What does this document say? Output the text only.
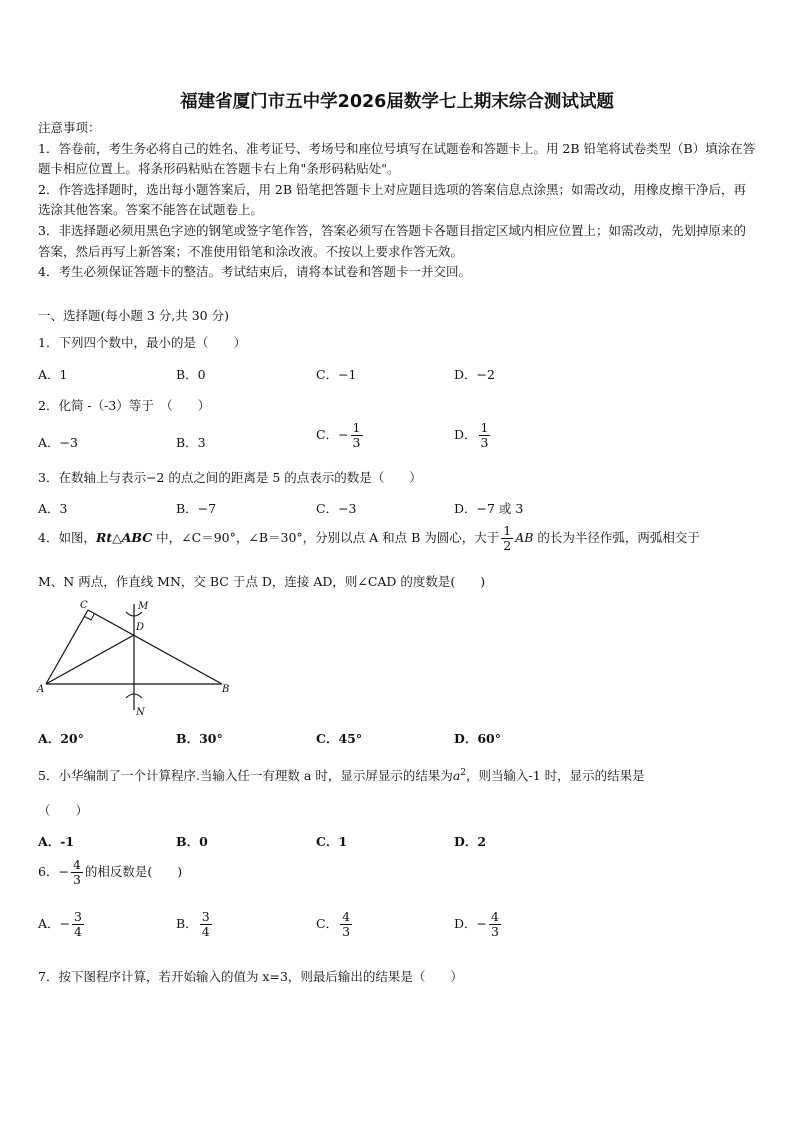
福建省厦门市五中学2026届数学七上期末综合测试试题

注意事项：

1．答卷前，考生务必将自己的姓名、准考证号、考场号和座位号填写在试题卷和答题卡上。用 2B 铅笔将试卷类型（B）填涂在答题卡相应位置上。将条形码粘贴在答题卡右上角"条形码粘贴处"。

2．作答选择题时，选出每小题答案后，用 2B 铅笔把答题卡上对应题目选项的答案信息点涂黑；如需改动，用橡皮擦干净后，再选涂其他答案。答案不能答在试题卷上。

3．非选择题必须用黑色字迹的钢笔或签字笔作答，答案必须写在答题卡各题目指定区域内相应位置上；如需改动，先划掉原来的答案，然后再写上新答案；不准使用铅笔和涂改液。不按以上要求作答无效。

4．考生必须保证答题卡的整洁。考试结束后，请将本试卷和答题卡一并交回。

一、选择题(每小题 3 分,共 30 分)
1．下列四个数中，最小的是（　　）
A．1	B．0	C．−1	D．−2
2．化简 -（-3）等于　（　　）
A．−3	B．3
C．− $\frac{1}{3}$	D． $\frac{1}{3}$
3．在数轴上与表示−2 的点之间的距离是 5 的点表示的数是（　　）
A．3	B．−7	C．−3	D．−7 或 3
4．如图，Rt△ABC 中，∠C＝90°，∠B＝30°，分别以点 A 和点 B 为圆心，大于 $\frac{1}{2}$ AB 的长为半径作弧，两弧相交于
M、N 两点，作直线 MN，交 BC 于点 D，连接 AD，则∠CAD 的度数是(　　)
C	M
D
A	B
N
A．20°	B．30°	C．45°	D．60°
5．小华编制了一个计算程序.当输入任一有理数 a 时，显示屏显示的结果为$a^2$，则当输入-1 时，显示的结果是
（　　）
A．-1	B．0	C．1	D．2
6．− $\frac{4}{3}$ 的相反数是(　　)
A．− $\frac{3}{4}$	B． $\frac{3}{4}$	C． $\frac{4}{3}$	D．− $\frac{4}{3}$
7．按下图程序计算，若开始输入的值为 x=3，则最后输出的结果是（　　）
